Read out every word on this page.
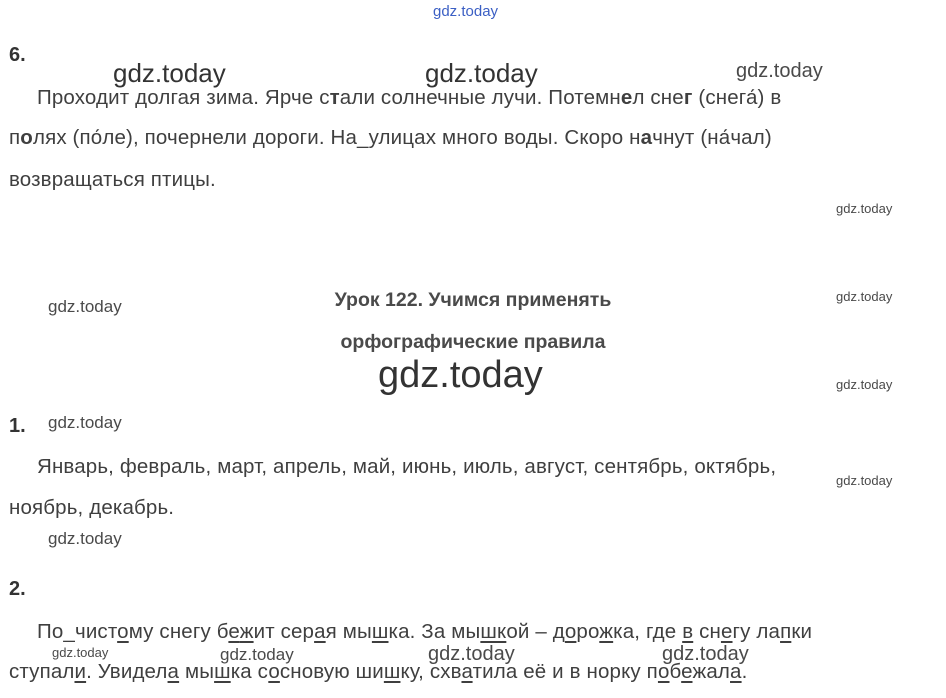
gdz.today
gdz.today	gdz.today	gdz.today
gdz.today
gdz.today
gdz.today
gdz.today	gdz.today
gdz.today
gdz.today
gdz.today
gdz.today	gdz.today	gdz.today	gdz.today
6.
Проходит долгая зима. Ярче стали солнечные лучи. Потемнел снег (снега́) в
полях (по́ле), почернели дороги. На_улицах много воды. Скоро начнут (на́чал)
возвращаться птицы.
Урок 122. Учимся применять
орфографические правила
1.
Январь, февраль, март, апрель, май, июнь, июль, август, сентябрь, октябрь,
ноябрь, декабрь.
2.
По_чистому снегу бежит серая мышка. За мышкой – дорожка, где в снегу лапки
ступали. Увидела мышка сосновую шишку, схватила её и в норку побежала.
